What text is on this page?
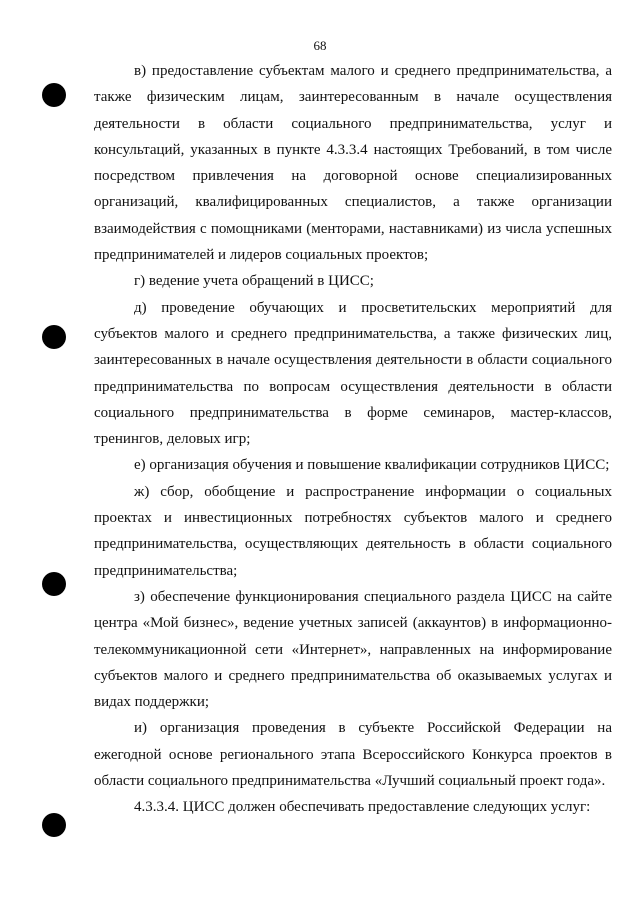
68

в) предоставление субъектам малого и среднего предпринимательства, а также физическим лицам, заинтересованным в начале осуществления деятельности в области социального предпринимательства, услуг и консультаций, указанных в пункте 4.3.3.4 настоящих Требований, в том числе посредством привлечения на договорной основе специализированных организаций, квалифицированных специалистов, а также организации взаимодействия с помощниками (менторами, наставниками) из числа успешных предпринимателей и лидеров социальных проектов;

г) ведение учета обращений в ЦИСС;

д) проведение обучающих и просветительских мероприятий для субъектов малого и среднего предпринимательства, а также физических лиц, заинтересованных в начале осуществления деятельности в области социального предпринимательства по вопросам осуществления деятельности в области социального предпринимательства в форме семинаров, мастер-классов, тренингов, деловых игр;

е) организация обучения и повышение квалификации сотрудников ЦИСС;

ж) сбор, обобщение и распространение информации о социальных проектах и инвестиционных потребностях субъектов малого и среднего предпринимательства, осуществляющих деятельность в области социального предпринимательства;

з) обеспечение функционирования специального раздела ЦИСС на сайте центра «Мой бизнес», ведение учетных записей (аккаунтов) в информационно-телекоммуникационной сети «Интернет», направленных на информирование субъектов малого и среднего предпринимательства об оказываемых услугах и видах поддержки;

и) организация проведения в субъекте Российской Федерации на ежегодной основе регионального этапа Всероссийского Конкурса проектов в области социального предпринимательства «Лучший социальный проект года».

4.3.3.4. ЦИСС должен обеспечивать предоставление следующих услуг:
